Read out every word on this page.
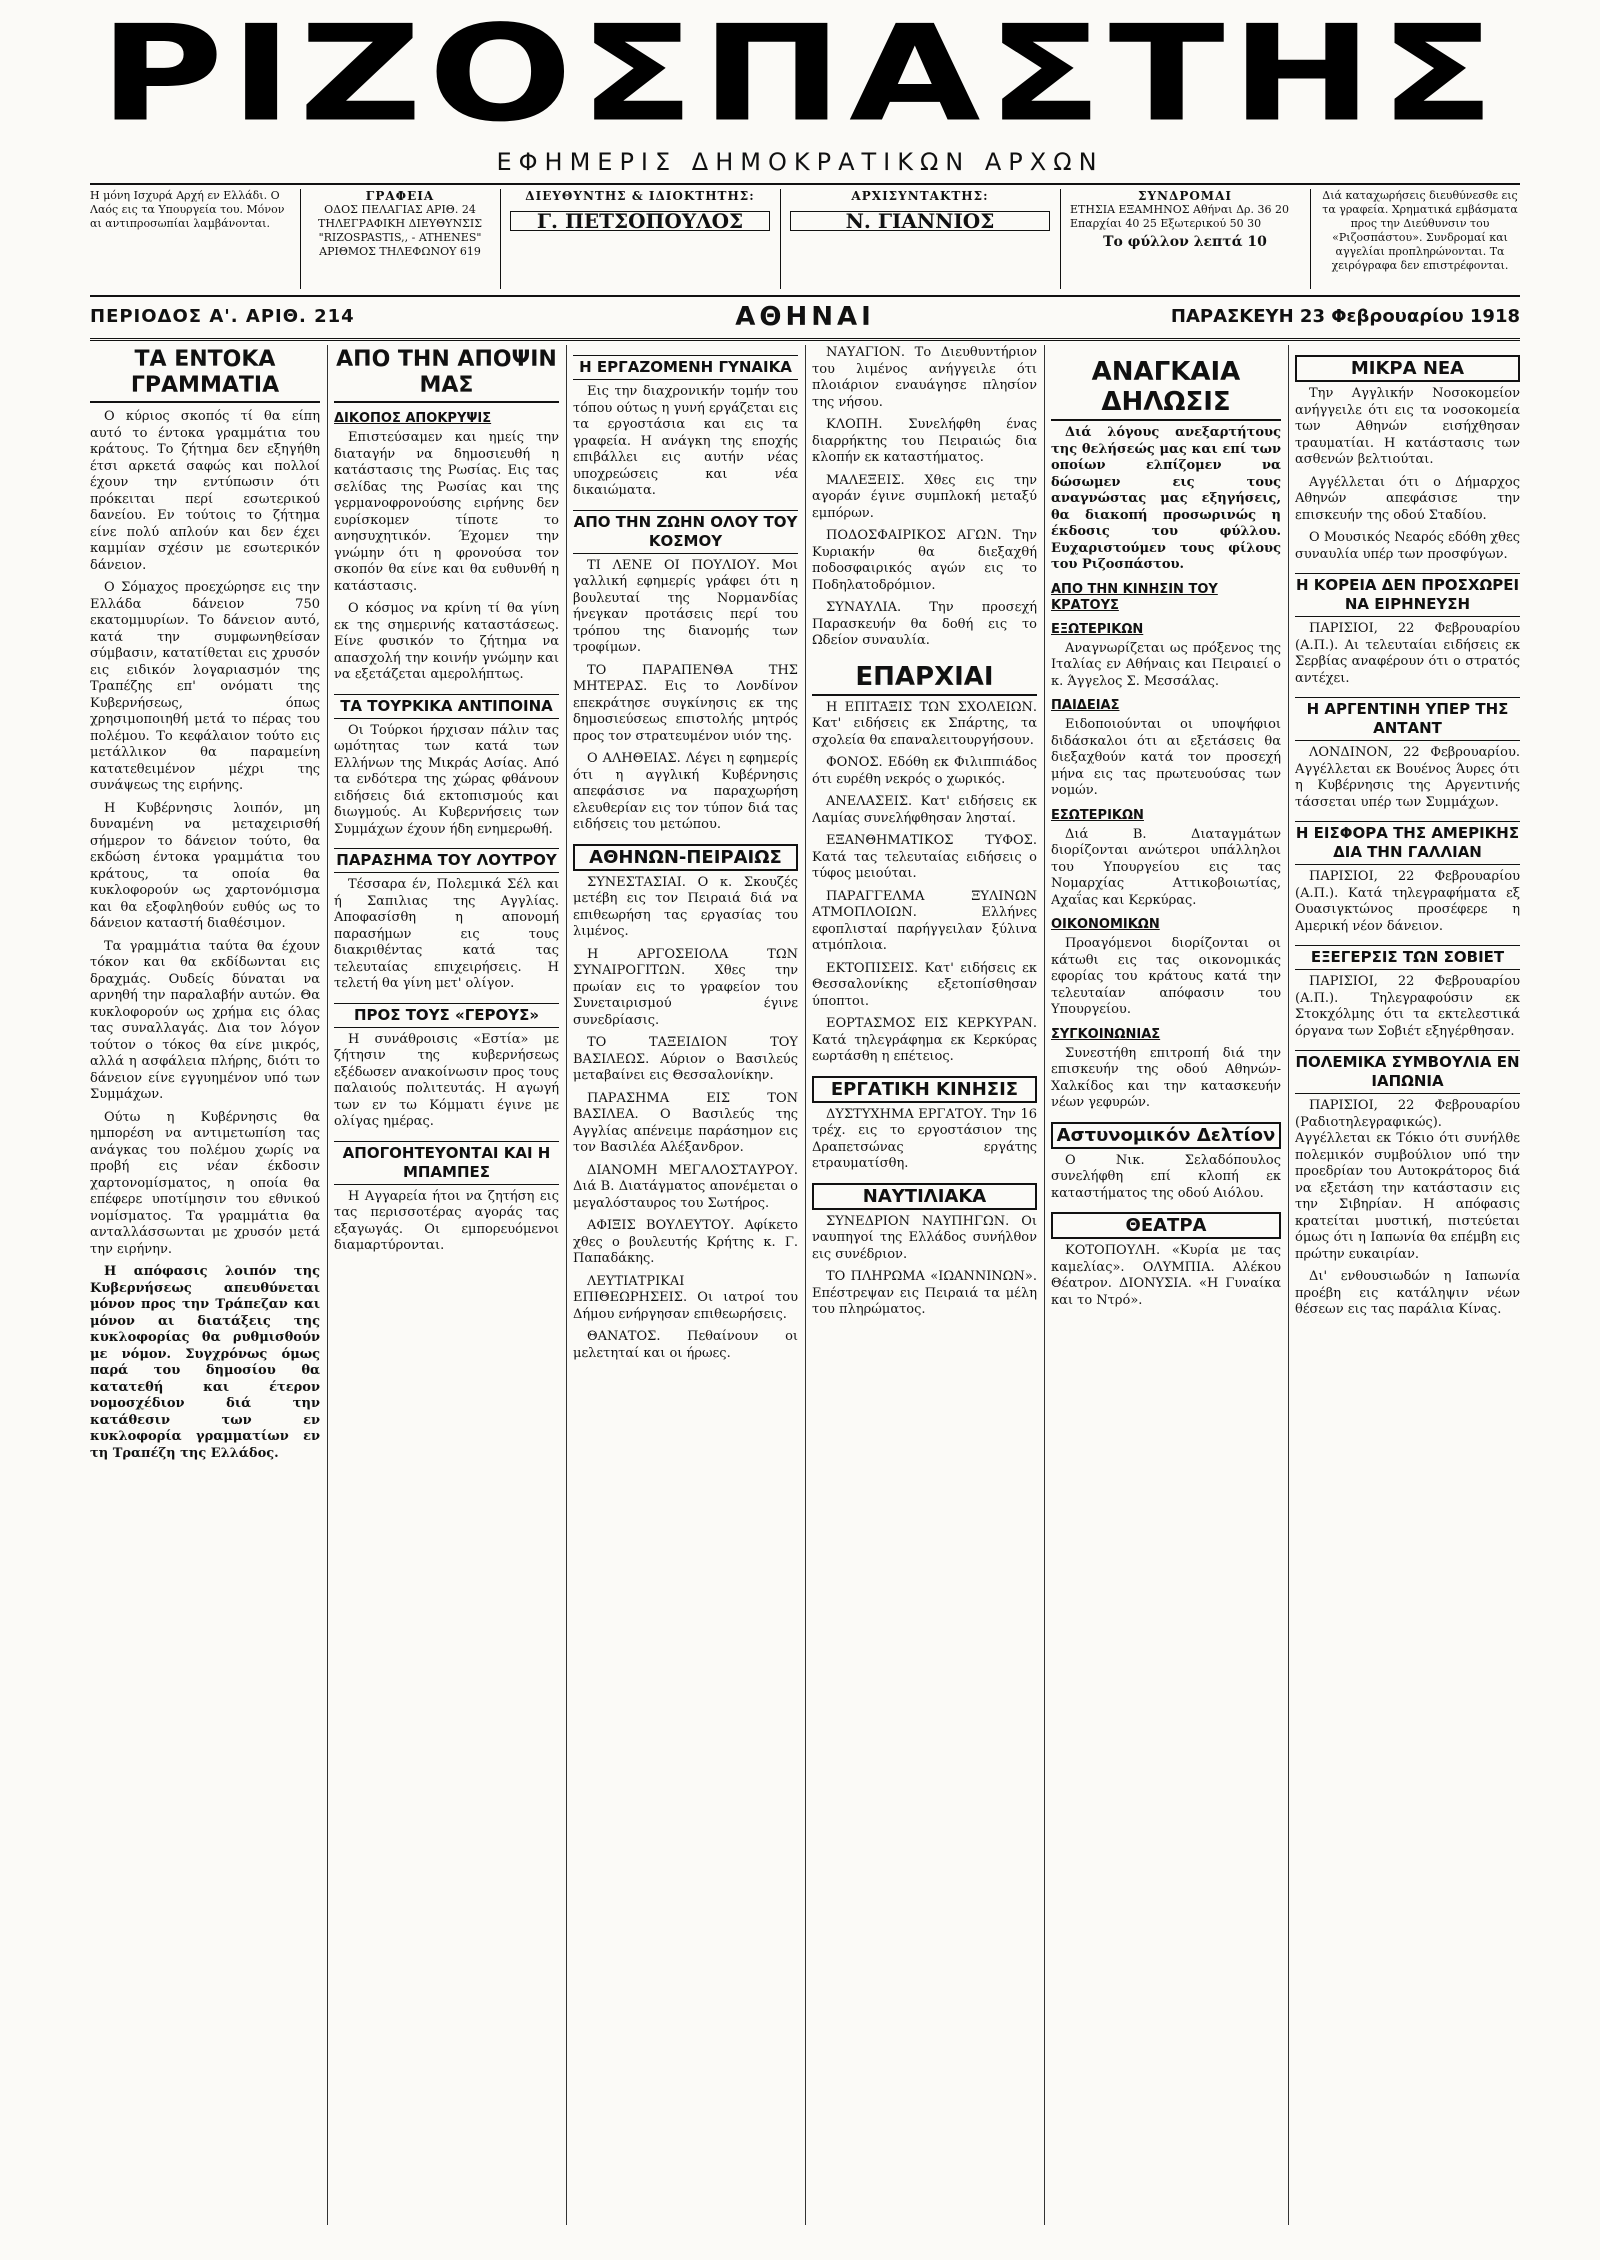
ΡΙΖΟΣΠΑΣΤΗΣ
ΕΦΗΜΕΡΙΣ ΔΗΜΟΚΡΑΤΙΚΩΝ ΑΡΧΩΝ
Η μόνη Ισχυρά Αρχή εν Ελλάδι. Ο Λαός εις τα Υπουργεία του. Μόνον αι αντιπροσωπίαι λαμβάνονται.
ΓΡΑΦΕΙΑ
ΟΔΟΣ ΠΕΛΑΓΙΑΣ ΑΡΙΘ. 24 ΤΗΛΕΓΡΑΦΙΚΗ ΔΙΕΥΘΥΝΣΙΣ "RIZOSPASTIS,, - ATHENES" ΑΡΙΘΜΟΣ ΤΗΛΕΦΩΝΟΥ 619
ΔΙΕΥΘΥΝΤΗΣ & ΙΔΙΟΚΤΗΤΗΣ:
Γ. ΠΕΤΣΟΠΟΥΛΟΣ
ΑΡΧΙΣΥΝΤΑΚΤΗΣ:
Ν. ΓΙΑΝΝΙΟΣ
ΣΥΝΔΡΟΜΑΙ
ΕΤΗΣΙΑ ΕΞΑΜΗΝΟΣ Αθήναι Δρ. 36 20 Επαρχίαι 40 25 Εξωτερικού 50 30
Το φύλλον λεπτά 10
Διά καταχωρήσεις διευθύνεσθε εις τα γραφεία. Χρηματικά εμβάσματα προς την Διεύθυνσιν του «Ριζοσπάστου». Συνδρομαί και αγγελίαι προπληρώνονται. Τα χειρόγραφα δεν επιστρέφονται.
ΠΕΡΙΟΔΟΣ Α'. ΑΡΙΘ. 214	ΑΘΗΝΑΙ	ΠΑΡΑΣΚΕΥΗ 23 Φεβρουαρίου 1918
ΤΑ ΕΝΤΟΚΑ ΓΡΑΜΜΑΤΙΑ

Ο κύριος σκοπός τί θα είπη αυτό το έντοκα γραμμάτια του κράτους. Το ζήτημα δεν εξηγήθη έτσι αρκετά σαφώς και πολλοί έχουν την εντύπωσιν ότι πρόκειται περί εσωτερικού δανείου. Εν τούτοις το ζήτημα είνε πολύ απλούν και δεν έχει καμμίαν σχέσιν με εσωτερικόν δάνειον.

Ο Σόμαχος προεχώρησε εις την Ελλάδα δάνειον 750 εκατομμυρίων. Το δάνειον αυτό, κατά την συμφωνηθείσαν σύμβασιν, κατατίθεται εις χρυσόν εις ειδικόν λογαριασμόν της Τραπέζης επ' ονόματι της Κυβερνήσεως, όπως χρησιμοποιηθή μετά το πέρας του πολέμου. Το κεφάλαιον τούτο εις μετάλλικον θα παραμείνη κατατεθειμένον μέχρι της συνάψεως της ειρήνης.

Η Κυβέρνησις λοιπόν, μη δυναμένη να μεταχειρισθή σήμερον το δάνειον τούτο, θα εκδώση έντοκα γραμμάτια του κράτους, τα οποία θα κυκλοφορούν ως χαρτονόμισμα και θα εξοφληθούν ευθύς ως το δάνειον καταστή διαθέσιμον.

Τα γραμμάτια ταύτα θα έχουν τόκον και θα εκδίδωνται εις δραχμάς. Ουδείς δύναται να αρνηθή την παραλαβήν αυτών. Θα κυκλοφορούν ως χρήμα εις όλας τας συναλλαγάς. Δια τον λόγον τούτον ο τόκος θα είνε μικρός, αλλά η ασφάλεια πλήρης, διότι το δάνειον είνε εγγυημένον υπό των Συμμάχων.

Ούτω η Κυβέρνησις θα ημπορέση να αντιμετωπίση τας ανάγκας του πολέμου χωρίς να προβή εις νέαν έκδοσιν χαρτονομίσματος, η οποία θα επέφερε υποτίμησιν του εθνικού νομίσματος. Τα γραμμάτια θα ανταλλάσσωνται με χρυσόν μετά την ειρήνην.

Η απόφασις λοιπόν της Κυβερνήσεως απευθύνεται μόνον προς την Τράπεζαν και μόνον αι διατάξεις της κυκλοφορίας θα ρυθμισθούν με νόμον. Συγχρόνως όμως παρά του δημοσίου θα κατατεθή και έτερον νομοσχέδιον διά την κατάθεσιν των εν κυκλοφορία γραμματίων εν τη Τραπέζη της Ελλάδος.

ΑΠΟ ΤΗΝ ΑΠΟΨΙΝ ΜΑΣ
ΔΙΚΟΠΟΣ ΑΠΟΚΡΥΨΙΣ

Επιστεύσαμεν και ημείς την διαταγήν να δημοσιευθή η κατάστασις της Ρωσίας. Εις τας σελίδας της Ρωσίας και της γερμανοφρονούσης ειρήνης δεν ευρίσκομεν τίποτε το ανησυχητικόν. Έχομεν την γνώμην ότι η φρονούσα τον σκοπόν θα είνε και θα ευθυνθή η κατάστασις.

Ο κόσμος να κρίνη τί θα γίνη εκ της σημερινής καταστάσεως. Είνε φυσικόν το ζήτημα να απασχολή την κοινήν γνώμην και να εξετάζεται αμερολήπτως.

ΤΑ ΤΟΥΡΚΙΚΑ ΑΝΤΙΠΟΙΝΑ

Οι Τούρκοι ήρχισαν πάλιν τας ωμότητας των κατά των Ελλήνων της Μικράς Ασίας. Από τα ενδότερα της χώρας φθάνουν ειδήσεις διά εκτοπισμούς και διωγμούς. Αι Κυβερνήσεις των Συμμάχων έχουν ήδη ενημερωθή.

ΠΑΡΑΣΗΜΑ ΤΟΥ ΛΟΥΤΡΟΥ

Τέσσαρα έν, Πολεμικά Σέλ και ή Σαπιλιας της Αγγλίας. Αποφασίσθη η απονομή παρασήμων εις τους διακριθέντας κατά τας τελευταίας επιχειρήσεις. Η τελετή θα γίνη μετ' ολίγον.

ΠΡΟΣ ΤΟΥΣ «ΓΕΡΟΥΣ»

Η συνάθροισις «Εστία» με ζήτησιν της κυβερνήσεως εξέδωσεν ανακοίνωσιν προς τους παλαιούς πολιτευτάς. Η αγωγή των εν τω Κόμματι έγινε με ολίγας ημέρας.

ΑΠΟΓΟΗΤΕΥΟΝΤΑΙ ΚΑΙ Η ΜΠΑΜΠΕΣ

Η Αγγαρεία ήτοι να ζητήση εις τας περισσοτέρας αγοράς τας εξαγωγάς. Οι εμπορευόμενοι διαμαρτύρονται.

Η ΕΡΓΑΖΟΜΕΝΗ ΓΥΝΑΙΚΑ

Εις την διαχρονικήν τομήν του τόπου ούτως η γυνή εργάζεται εις τα εργοστάσια και εις τα γραφεία. Η ανάγκη της εποχής επιβάλλει εις αυτήν νέας υποχρεώσεις και νέα δικαιώματα.

ΑΠΟ ΤΗΝ ΖΩΗΝ ΟΛΟΥ ΤΟΥ ΚΟΣΜΟΥ

ΤΙ ΛΕΝΕ ΟΙ ΠΟΥΛΙΟΥ. Μοι γαλλική εφημερίς γράφει ότι η βουλευταί της Νορμανδίας ήνεγκαν προτάσεις περί του τρόπου της διανομής των τροφίμων.

ΤΟ ΠΑΡΑΠΕΝΘΑ ΤΗΣ ΜΗΤΕΡΑΣ. Εις το Λονδίνον επεκράτησε συγκίνησις εκ της δημοσιεύσεως επιστολής μητρός προς τον στρατευμένον υιόν της.

Ο ΑΛΗΘΕΙΑΣ. Λέγει η εφημερίς ότι η αγγλική Κυβέρνησις απεφάσισε να παραχωρήση ελευθερίαν εις τον τύπον διά τας ειδήσεις του μετώπου.

ΑΘΗΝΩΝ-ΠΕΙΡΑΙΩΣ

ΣΥΝΕΣΤΑΣΙΑΙ. Ο κ. Σκουζές μετέβη εις τον Πειραιά διά να επιθεωρήση τας εργασίας του λιμένος.

Η ΑΡΓΟΣΕΙΟΛΑ ΤΩΝ ΣΥΝΑΙΡΟΓΙΤΩΝ. Χθες την πρωίαν εις το γραφείον του Συνεταιρισμού έγινε συνεδρίασις.

ΤΟ ΤΑΞΕΙΔΙΟΝ ΤΟΥ ΒΑΣΙΛΕΩΣ. Αύριον ο Βασιλεύς μεταβαίνει εις Θεσσαλονίκην.

ΠΑΡΑΣΗΜΑ ΕΙΣ ΤΟΝ ΒΑΣΙΛΕΑ. Ο Βασιλεύς της Αγγλίας απένειμε παράσημον εις τον Βασιλέα Αλέξανδρον.

ΔΙΑΝΟΜΗ ΜΕΓΑΛΟΣΤΑΥΡΟΥ. Διά Β. Διατάγματος απονέμεται ο μεγαλόσταυρος του Σωτήρος.

ΑΦΙΞΙΣ ΒΟΥΛΕΥΤΟΥ. Αφίκετο χθες ο βουλευτής Κρήτης κ. Γ. Παπαδάκης.

ΛΕΥΤΙΑΤΡΙΚΑΙ ΕΠΙΘΕΩΡΗΣΕΙΣ. Οι ιατροί του Δήμου ενήργησαν επιθεωρήσεις.

ΘΑΝΑΤΟΣ. Πεθαίνουν οι μελετηταί και οι ήρωες.

ΝΑΥΑΓΙΟΝ. Το Διευθυντήριον του λιμένος ανήγγειλε ότι πλοιάριον εναυάγησε πλησίον της νήσου.

ΚΛΟΠΗ. Συνελήφθη ένας διαρρήκτης του Πειραιώς δια κλοπήν εκ καταστήματος.

ΜΑΛΕΞΕΙΣ. Χθες εις την αγοράν έγινε συμπλοκή μεταξύ εμπόρων.

ΠΟΔΟΣΦΑΙΡΙΚΟΣ ΑΓΩΝ. Την Κυριακήν θα διεξαχθή ποδοσφαιρικός αγών εις το Ποδηλατοδρόμιον.

ΣΥΝΑΥΛΙΑ. Την προσεχή Παρασκευήν θα δοθή εις το Ωδείον συναυλία.

ΕΠΑΡΧΙΑΙ

Η ΕΠΙΤΑΞΙΣ ΤΩΝ ΣΧΟΛΕΙΩΝ. Κατ' ειδήσεις εκ Σπάρτης, τα σχολεία θα επαναλειτουργήσουν.

ΦΟΝΟΣ. Εδόθη εκ Φιλιππιάδος ότι ευρέθη νεκρός ο χωρικός.

ΑΝΕΛΑΣΕΙΣ. Κατ' ειδήσεις εκ Λαμίας συνελήφθησαν λησταί.

ΕΞΑΝΘΗΜΑΤΙΚΟΣ ΤΥΦΟΣ. Κατά τας τελευταίας ειδήσεις ο τύφος μειούται.

ΠΑΡΑΓΓΕΛΜΑ ΞΥΛΙΝΩΝ ΑΤΜΟΠΛΟΙΩΝ. Ελλήνες εφοπλισταί παρήγγειλαν ξύλινα ατμόπλοια.

ΕΚΤΟΠΙΣΕΙΣ. Κατ' ειδήσεις εκ Θεσσαλονίκης εξετοπίσθησαν ύποπτοι.

ΕΟΡΤΑΣΜΟΣ ΕΙΣ ΚΕΡΚΥΡΑΝ. Κατά τηλεγράφημα εκ Κερκύρας εωρτάσθη η επέτειος.

ΕΡΓΑΤΙΚΗ ΚΙΝΗΣΙΣ

ΔΥΣΤΥΧΗΜΑ ΕΡΓΑΤΟΥ. Την 16 τρέχ. εις το εργοστάσιον της Δραπετσώνας εργάτης ετραυματίσθη.

ΝΑΥΤΙΛΙΑΚΑ

ΣΥΝΕΔΡΙΟΝ ΝΑΥΠΗΓΩΝ. Οι ναυπηγοί της Ελλάδος συνήλθον εις συνέδριον.

ΤΟ ΠΛΗΡΩΜΑ «ΙΩΑΝΝΙΝΩΝ». Επέστρεψαν εις Πειραιά τα μέλη του πληρώματος.

ΑΝΑΓΚΑΙΑ ΔΗΛΩΣΙΣ

Διά λόγους ανεξαρτήτους της θελήσεώς μας και επί των οποίων ελπίζομεν να δώσωμεν εις τους αναγνώστας μας εξηγήσεις, θα διακοπή προσωρινώς η έκδοσις του φύλλου. Ευχαριστούμεν τους φίλους του Ριζοσπάστου.

ΑΠΟ ΤΗΝ ΚΙΝΗΣΙΝ ΤΟΥ ΚΡΑΤΟΥΣ
ΕΞΩΤΕΡΙΚΩΝ

Αναγνωρίζεται ως πρόξενος της Ιταλίας εν Αθήναις και Πειραιεί ο κ. Άγγελος Σ. Μεσσάλας.

ΠΑΙΔΕΙΑΣ

Ειδοποιούνται οι υποψήφιοι διδάσκαλοι ότι αι εξετάσεις θα διεξαχθούν κατά τον προσεχή μήνα εις τας πρωτευούσας των νομών.

ΕΣΩΤΕΡΙΚΩΝ

Διά Β. Διαταγμάτων διορίζονται ανώτεροι υπάλληλοι του Υπουργείου εις τας Νομαρχίας Αττικοβοιωτίας, Αχαΐας και Κερκύρας.

ΟΙΚΟΝΟΜΙΚΩΝ

Προαγόμενοι διορίζονται οι κάτωθι εις τας οικονομικάς εφορίας του κράτους κατά την τελευταίαν απόφασιν του Υπουργείου.

ΣΥΓΚΟΙΝΩΝΙΑΣ

Συνεστήθη επιτροπή διά την επισκευήν της οδού Αθηνών-Χαλκίδος και την κατασκευήν νέων γεφυρών.

Αστυνομικόν Δελτίον

Ο Νικ. Σελαδόπουλος συνελήφθη επί κλοπή εκ καταστήματος της οδού Αιόλου.

ΘΕΑΤΡΑ

ΚΟΤΟΠΟΥΛΗ. «Κυρία με τας καμελίας». ΟΛΥΜΠΙΑ. Αλέκου Θέατρον. ΔΙΟΝΥΣΙΑ. «Η Γυναίκα και το Ντρό».

ΜΙΚΡΑ ΝΕΑ

Την Αγγλικήν Νοσοκομείον ανήγγειλε ότι εις τα νοσοκομεία των Αθηνών εισήχθησαν τραυματίαι. Η κατάστασις των ασθενών βελτιούται.

Αγγέλλεται ότι ο Δήμαρχος Αθηνών απεφάσισε την επισκευήν της οδού Σταδίου.

Ο Μουσικός Νεαρός εδόθη χθες συναυλία υπέρ των προσφύγων.

Η ΚΟΡΕΙΑ ΔΕΝ ΠΡΟΣΧΩΡΕΙ ΝΑ ΕΙΡΗΝΕΥΣΗ

ΠΑΡΙΣΙΟΙ, 22 Φεβρουαρίου (Α.Π.). Αι τελευταίαι ειδήσεις εκ Σερβίας αναφέρουν ότι ο στρατός αντέχει.

Η ΑΡΓΕΝΤΙΝΗ ΥΠΕΡ ΤΗΣ ΑΝΤΑΝΤ

ΛΟΝΔΙΝΟΝ, 22 Φεβρουαρίου. Αγγέλλεται εκ Βουένος Άυρες ότι η Κυβέρνησις της Αργεντινής τάσσεται υπέρ των Συμμάχων.

Η ΕΙΣΦΟΡΑ ΤΗΣ ΑΜΕΡΙΚΗΣ ΔΙΑ ΤΗΝ ΓΑΛΛΙΑΝ

ΠΑΡΙΣΙΟΙ, 22 Φεβρουαρίου (Α.Π.). Κατά τηλεγραφήματα εξ Ουασιγκτώνος προσέφερε η Αμερική νέον δάνειον.

ΕΞΕΓΕΡΣΙΣ ΤΩΝ ΣΟΒΙΕΤ

ΠΑΡΙΣΙΟΙ, 22 Φεβρουαρίου (Α.Π.). Τηλεγραφούσιν εκ Στοκχόλμης ότι τα εκτελεστικά όργανα των Σοβιέτ εξηγέρθησαν.

ΠΟΛΕΜΙΚΑ ΣΥΜΒΟΥΛΙΑ ΕΝ ΙΑΠΩΝΙΑ

ΠΑΡΙΣΙΟΙ, 22 Φεβρουαρίου (Ραδιοτηλεγραφικώς). Αγγέλλεται εκ Τόκιο ότι συνήλθε πολεμικόν συμβούλιον υπό την προεδρίαν του Αυτοκράτορος διά να εξετάση την κατάστασιν εις την Σιβηρίαν. Η απόφασις κρατείται μυστική, πιστεύεται όμως ότι η Ιαπωνία θα επέμβη εις πρώτην ευκαιρίαν.

Δι' ενθουσιωδών η Ιαπωνία προέβη εις κατάληψιν νέων θέσεων εις τας παράλια Κίνας.
